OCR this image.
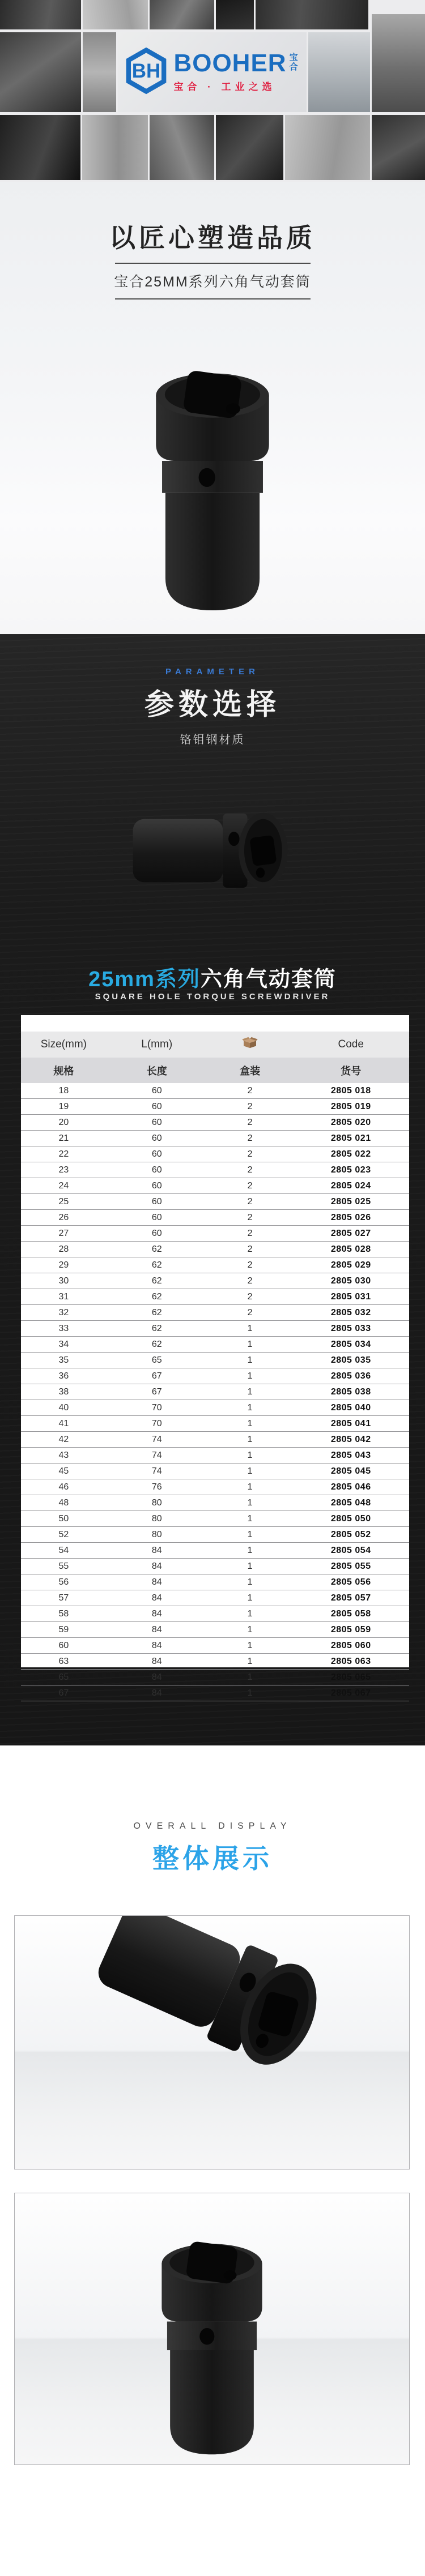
BH BOOHER 宝合
宝合 · 工业之选
以匠心塑造品质
宝合25MM系列六角气动套筒
PARAMETER
参数选择
铬钼钢材质
25mm系列六角气动套筒
SQUARE HOLE TORQUE SCREWDRIVER
Size(mm)	L(mm)		Code
规格	长度	盒装	货号
18	60	2	2805 018
19	60	2	2805 019
20	60	2	2805 020
21	60	2	2805 021
22	60	2	2805 022
23	60	2	2805 023
24	60	2	2805 024
25	60	2	2805 025
26	60	2	2805 026
27	60	2	2805 027
28	62	2	2805 028
29	62	2	2805 029
30	62	2	2805 030
31	62	2	2805 031
32	62	2	2805 032
33	62	1	2805 033
34	62	1	2805 034
35	65	1	2805 035
36	67	1	2805 036
38	67	1	2805 038
40	70	1	2805 040
41	70	1	2805 041
42	74	1	2805 042
43	74	1	2805 043
45	74	1	2805 045
46	76	1	2805 046
48	80	1	2805 048
50	80	1	2805 050
52	80	1	2805 052
54	84	1	2805 054
55	84	1	2805 055
56	84	1	2805 056
57	84	1	2805 057
58	84	1	2805 058
59	84	1	2805 059
60	84	1	2805 060
63	84	1	2805 063
65	84	1	2805 065
67	84	1	2805 067
OVERALL DISPLAY
整体展示
